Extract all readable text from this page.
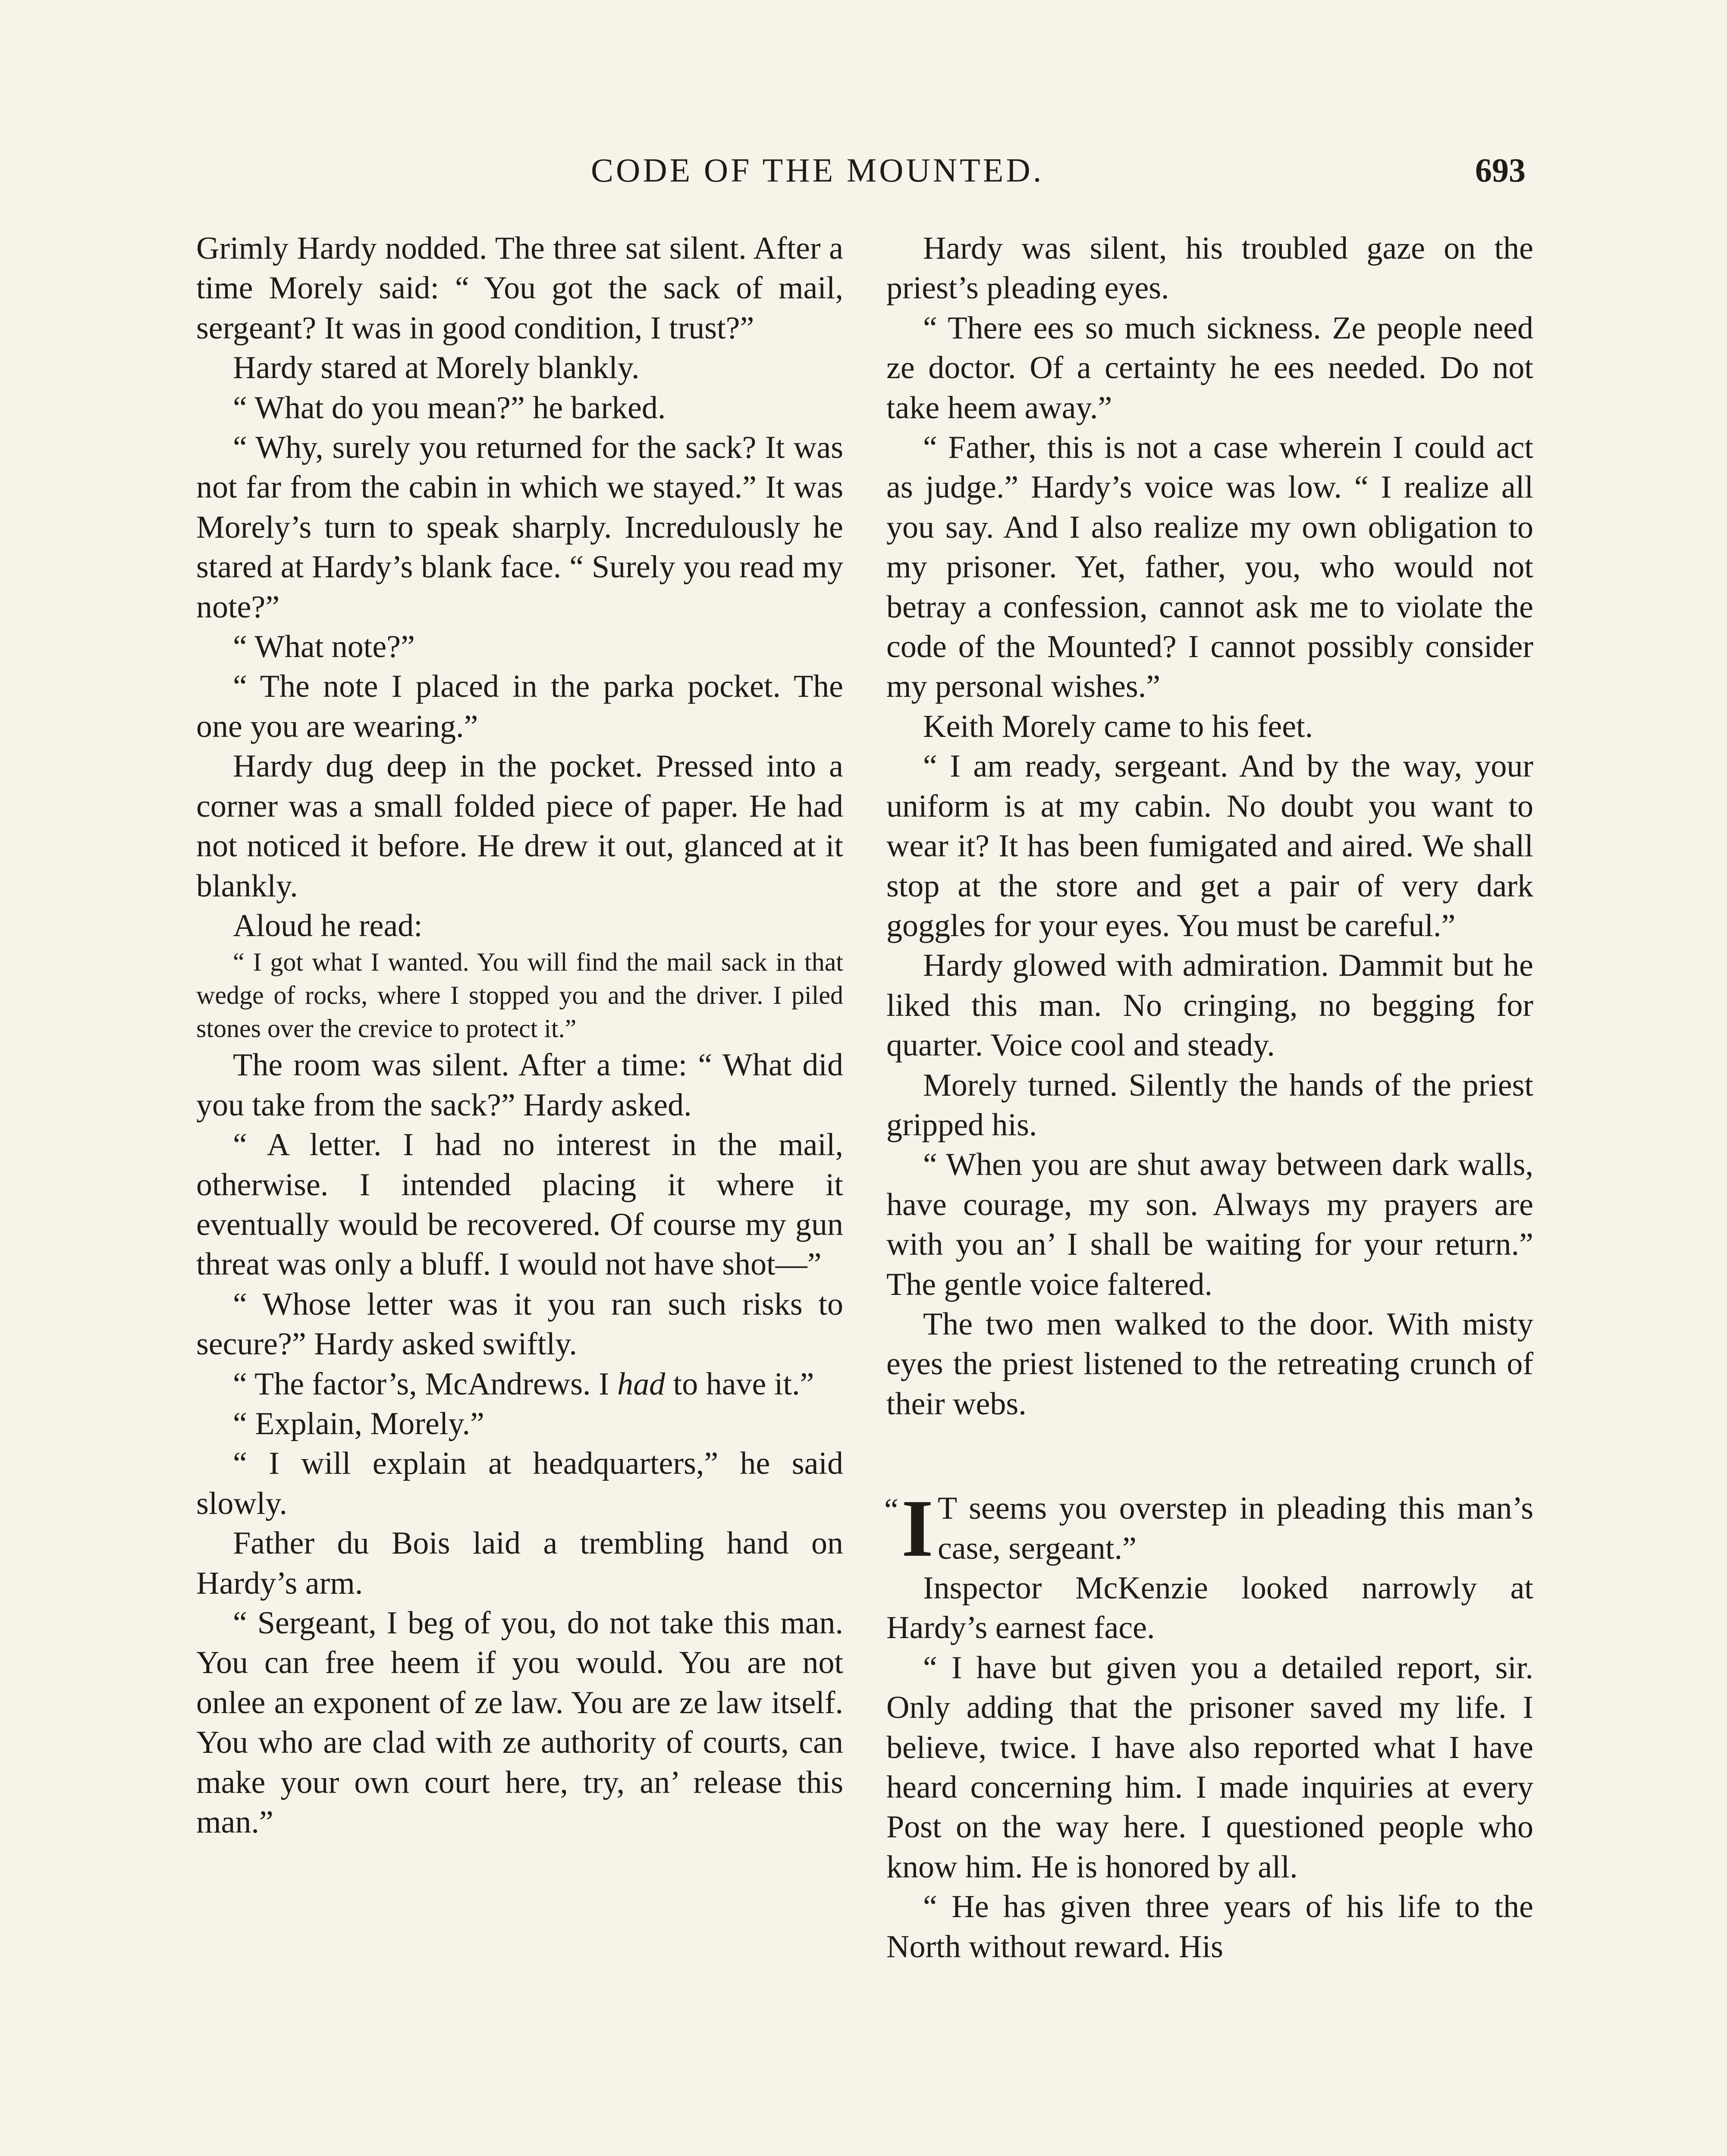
CODE OF THE MOUNTED.	693

Grimly Hardy nodded. The three sat silent. After a time Morely said: “ You got the sack of mail, sergeant? It was in good condition, I trust?”

Hardy stared at Morely blankly.

“ What do you mean?” he barked.

“ Why, surely you returned for the sack? It was not far from the cabin in which we stayed.” It was Morely’s turn to speak sharply. Incredulously he stared at Hardy’s blank face. “ Surely you read my note?”

“ What note?”

“ The note I placed in the parka pocket. The one you are wearing.”

Hardy dug deep in the pocket. Pressed into a corner was a small folded piece of paper. He had not noticed it before. He drew it out, glanced at it blankly.

Aloud he read:

“ I got what I wanted. You will find the mail sack in that wedge of rocks, where I stopped you and the driver. I piled stones over the crevice to protect it.”

The room was silent. After a time: “ What did you take from the sack?” Hardy asked.

“ A letter. I had no interest in the mail, otherwise. I intended placing it where it eventually would be recovered. Of course my gun threat was only a bluff. I would not have shot—”

“ Whose letter was it you ran such risks to secure?” Hardy asked swiftly.

“ The factor’s, McAndrews. I had to have it.”

“ Explain, Morely.”

“ I will explain at headquarters,” he said slowly.

Father du Bois laid a trembling hand on Hardy’s arm.

“ Sergeant, I beg of you, do not take this man. You can free heem if you would. You are not onlee an exponent of ze law. You are ze law itself. You who are clad with ze authority of courts, can make your own court here, try, an’ release this man.”

Hardy was silent, his troubled gaze on the priest’s pleading eyes.

“ There ees so much sickness. Ze people need ze doctor. Of a certainty he ees needed. Do not take heem away.”

“ Father, this is not a case wherein I could act as judge.” Hardy’s voice was low. “ I realize all you say. And I also realize my own obligation to my prisoner. Yet, father, you, who would not betray a confession, cannot ask me to violate the code of the Mounted? I cannot possibly consider my personal wishes.”

Keith Morely came to his feet.

“ I am ready, sergeant. And by the way, your uniform is at my cabin. No doubt you want to wear it? It has been fumigated and aired. We shall stop at the store and get a pair of very dark goggles for your eyes. You must be careful.”

Hardy glowed with admiration. Dammit but he liked this man. No cringing, no begging for quarter. Voice cool and steady.

Morely turned. Silently the hands of the priest gripped his.

“ When you are shut away between dark walls, have courage, my son. Always my prayers are with you an’ I shall be waiting for your return.” The gentle voice faltered.

The two men walked to the door. With misty eyes the priest listened to the retreating crunch of their webs.

“ I T seems you overstep in pleading this man’s case, sergeant.”

Inspector McKenzie looked narrowly at Hardy’s earnest face.

“ I have but given you a detailed report, sir. Only adding that the prisoner saved my life. I believe, twice. I have also reported what I have heard concerning him. I made inquiries at every Post on the way here. I questioned people who know him. He is honored by all.

“ He has given three years of his life to the North without reward. His
